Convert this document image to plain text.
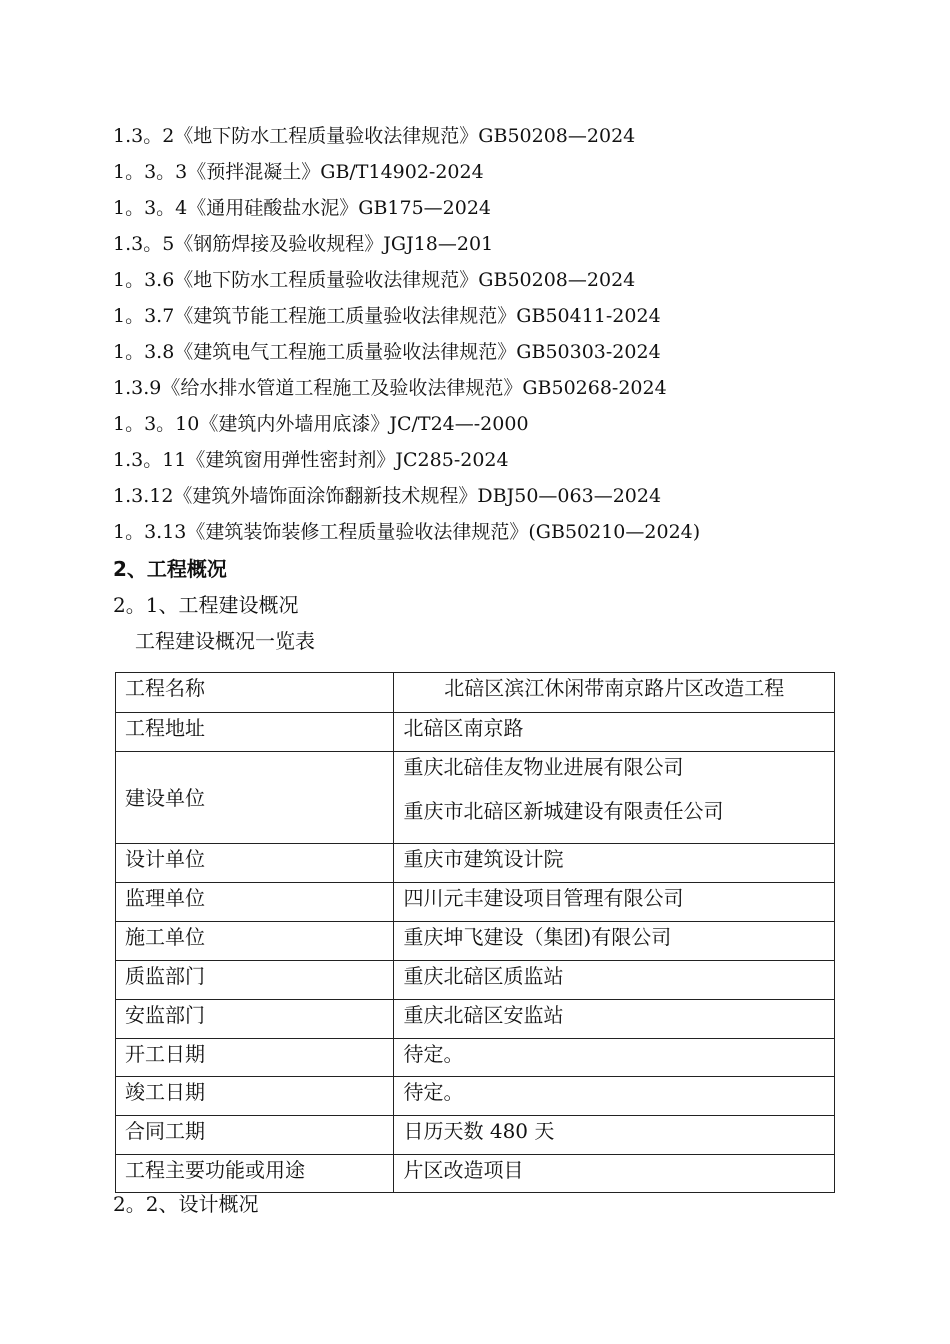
1.3。2《地下防水工程质量验收法律规范》GB50208—2024
1。3。3《预拌混凝土》GB/T14902-2024
1。3。4《通用硅酸盐水泥》GB175—2024
1.3。5《钢筋焊接及验收规程》JGJ18—201
1。3.6《地下防水工程质量验收法律规范》GB50208—2024
1。3.7《建筑节能工程施工质量验收法律规范》GB50411-2024
1。3.8《建筑电气工程施工质量验收法律规范》GB50303-2024
1.3.9《给水排水管道工程施工及验收法律规范》GB50268-2024
1。3。10《建筑内外墙用底漆》JC/T24—-2000
1.3。11《建筑窗用弹性密封剂》JC285-2024
1.3.12《建筑外墙饰面涂饰翻新技术规程》DBJ50—063—2024
1。3.13《建筑装饰装修工程质量验收法律规范》(GB50210—2024)
2、工程概况
2。1、工程建设概况
工程建设概况一览表
工程名称	北碚区滨江休闲带南京路片区改造工程
工程地址	北碚区南京路
建设单位	重庆北碚佳友物业进展有限公司
重庆市北碚区新城建设有限责任公司

设计单位	重庆市建筑设计院
监理单位	四川元丰建设项目管理有限公司
施工单位	重庆坤飞建设（集团)有限公司
质监部门	重庆北碚区质监站
安监部门	重庆北碚区安监站
开工日期	待定。
竣工日期	待定。
合同工期	日历天数 480 天
工程主要功能或用途	片区改造项目
2。2、设计概况
